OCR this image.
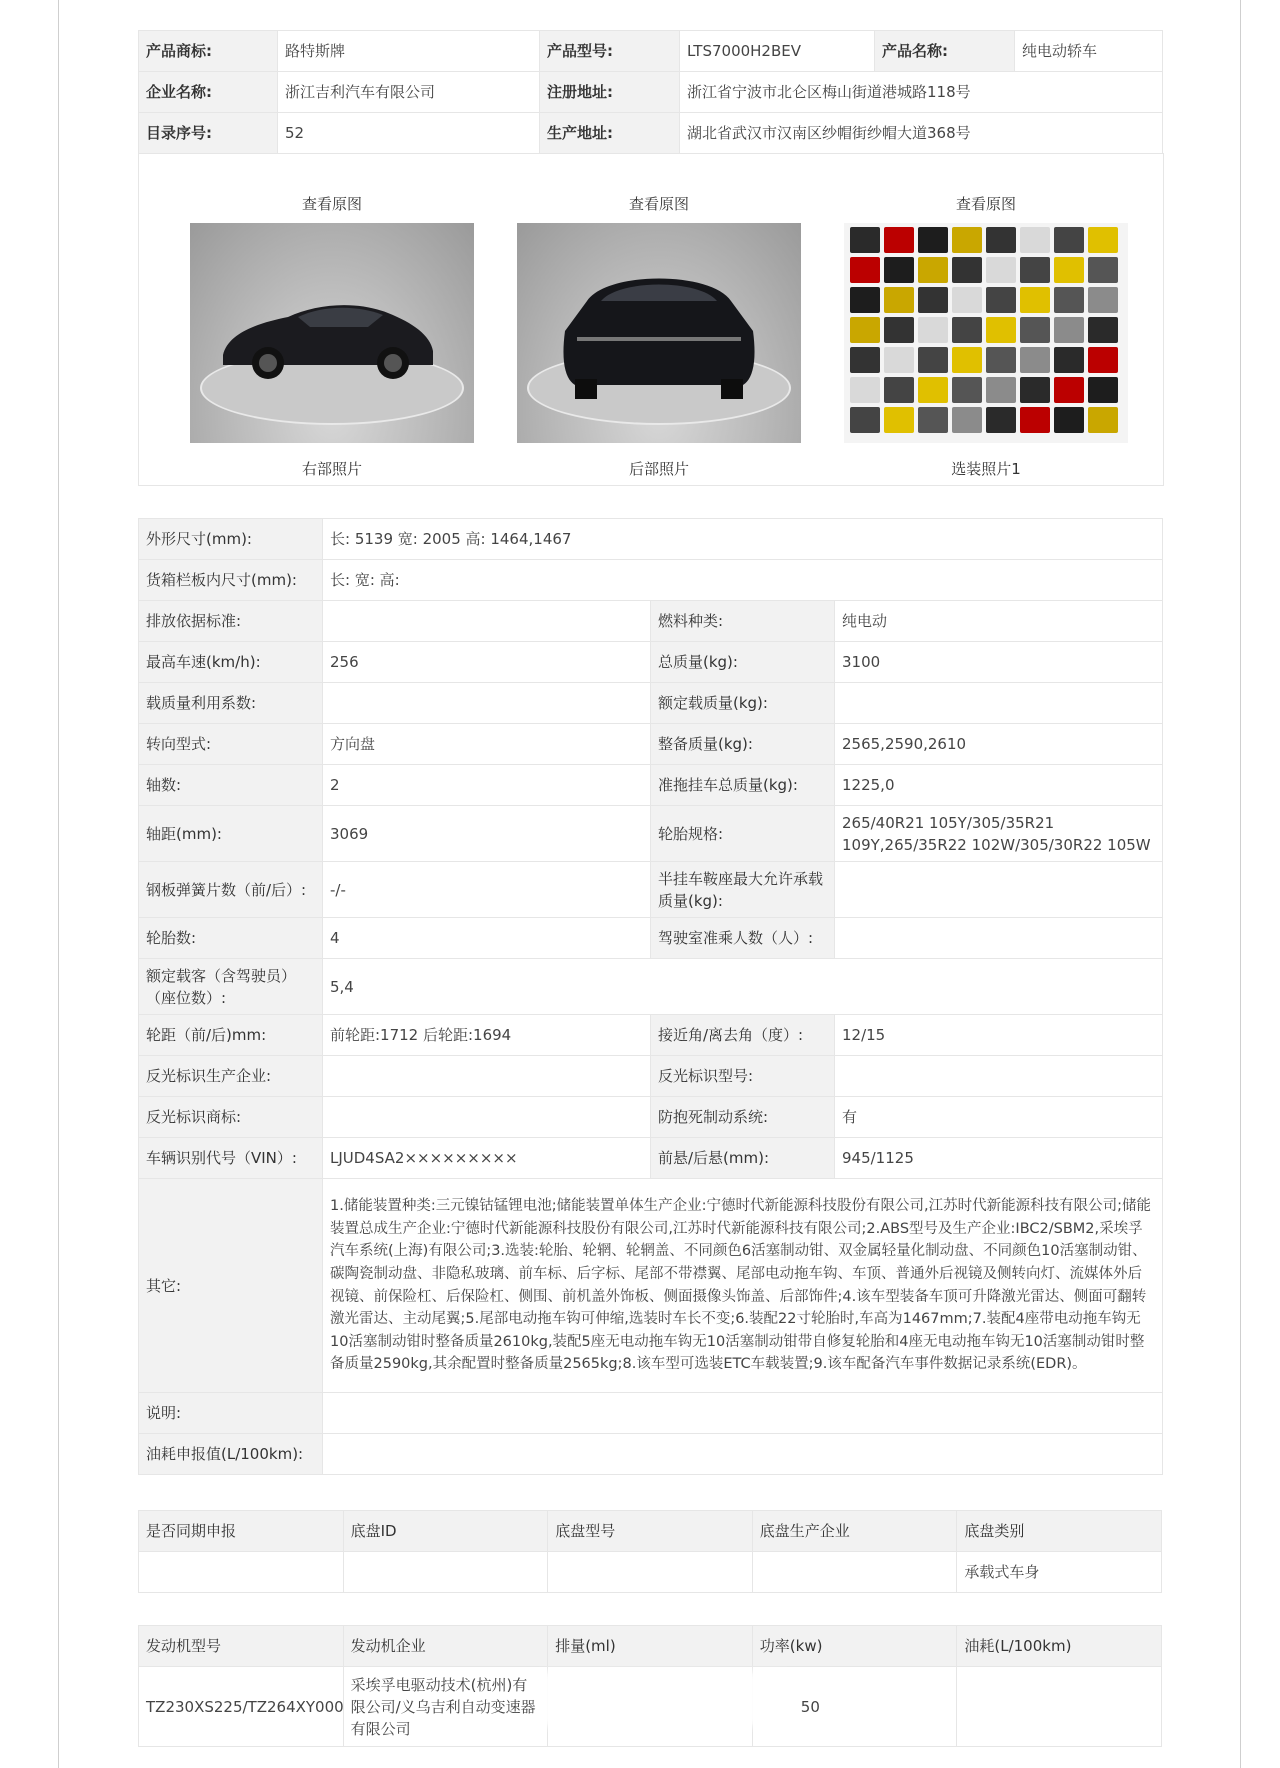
产品商标:	路特斯牌	产品型号:	LTS7000H2BEV	产品名称:	纯电动轿车
企业名称:	浙江吉利汽车有限公司	注册地址:	浙江省宁波市北仑区梅山街道港城路118号		
目录序号:	52	生产地址:	湖北省武汉市汉南区纱帽街纱帽大道368号		
查看原图
右部照片
查看原图
后部照片
查看原图
选装照片1
外形尺寸(mm):	长: 5139 宽: 2005 高: 1464,1467		
货箱栏板内尺寸(mm):	长: 宽: 高:		
排放依据标准:		燃料种类:	纯电动
最高车速(km/h):	256	总质量(kg):	3100
载质量利用系数:		额定载质量(kg):	
转向型式:	方向盘	整备质量(kg):	2565,2590,2610
轴数:	2	准拖挂车总质量(kg):	1225,0
轴距(mm):	3069	轮胎规格:	265/40R21 105Y/305/35R21 109Y,265/35R22 102W/305/30R22 105W
钢板弹簧片数（前/后）:	-/-	半挂车鞍座最大允许承载质量(kg):	
轮胎数:	4	驾驶室准乘人数（人）:	
额定载客（含驾驶员）（座位数）:	5,4		
轮距（前/后)mm:	前轮距:1712 后轮距:1694	接近角/离去角（度）:	12/15
反光标识生产企业:		反光标识型号:	
反光标识商标:		防抱死制动系统:	有
车辆识别代号（VIN）:	LJUD4SA2×××××××××	前悬/后悬(mm):	945/1125
其它:	1.储能装置种类:三元镍钴锰锂电池;储能装置单体生产企业:宁德时代新能源科技股份有限公司,江苏时代新能源科技有限公司;储能装置总成生产企业:宁德时代新能源科技股份有限公司,江苏时代新能源科技有限公司;2.ABS型号及生产企业:IBC2/SBM2,采埃孚汽车系统(上海)有限公司;3.选装:轮胎、轮辋、轮辋盖、不同颜色6活塞制动钳、双金属轻量化制动盘、不同颜色10活塞制动钳、碳陶瓷制动盘、非隐私玻璃、前车标、后字标、尾部不带襟翼、尾部电动拖车钩、车顶、普通外后视镜及侧转向灯、流媒体外后视镜、前保险杠、后保险杠、侧围、前机盖外饰板、侧面摄像头饰盖、后部饰件;4.该车型装备车顶可升降激光雷达、侧面可翻转激光雷达、主动尾翼;5.尾部电动拖车钩可伸缩,选装时车长不变;6.装配22寸轮胎时,车高为1467mm;7.装配4座带电动拖车钩无10活塞制动钳时整备质量2610kg,装配5座无电动拖车钩无10活塞制动钳带自修复轮胎和4座无电动拖车钩无10活塞制动钳时整备质量2590kg,其余配置时整备质量2565kg;8.该车型可选装ETC车载装置;9.该车配备汽车事件数据记录系统(EDR)。		
说明:			
油耗申报值(L/100km):			
是否同期申报	底盘ID	底盘型号	底盘生产企业	底盘类别
				承载式车身
发动机型号	发动机企业	排量(ml)	功率(kw)	油耗(L/100km)
TZ230XS225/TZ264XY000	采埃孚电驱动技术(杭州)有限公司/义乌吉利自动变速器有限公司		50	
